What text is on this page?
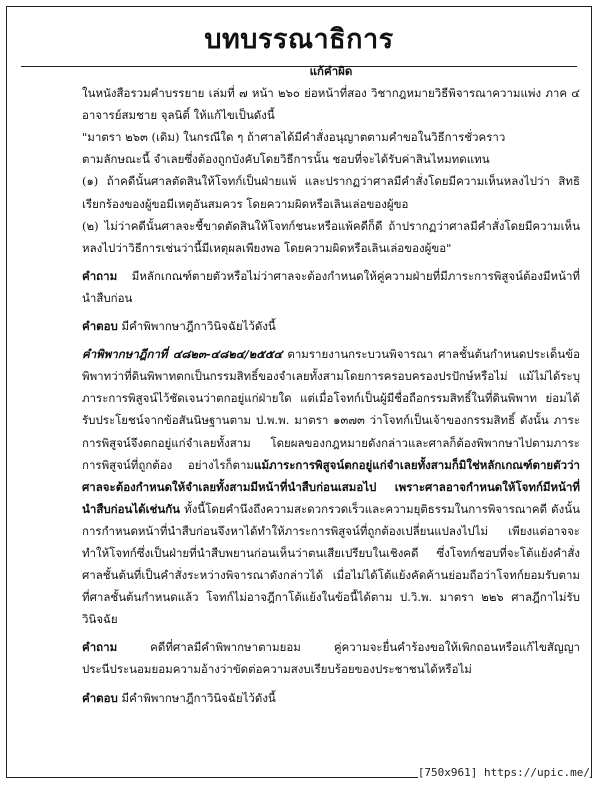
บทบรรณาธิการ

แก้คำผิด

ในหนังสือรวมคำบรรยาย เล่มที่ ๗ หน้า ๒๖๐ ย่อหน้าที่สอง วิชากฎหมายวิธีพิจารณาความแพ่ง ภาค ๔ อาจารย์สมชาย จุลนิติ์ ให้แก้ไขเป็นดังนี้

"มาตรา ๒๖๓ (เดิม) ในกรณีใด ๆ ถ้าศาลได้มีคำสั่งอนุญาตตามคำขอในวิธีการชั่วคราว

ตามลักษณะนี้ จำเลยซึ่งต้องถูกบังคับโดยวิธีการนั้น ชอบที่จะได้รับค่าสินไหมทดแทน

(๑) ถ้าคดีนั้นศาลตัดสินให้โจทก์เป็นฝ่ายแพ้ และปรากฏว่าศาลมีคำสั่งโดยมีความเห็นหลงไปว่า สิทธิเรียกร้องของผู้ขอมีเหตุอันสมควร โดยความผิดหรือเลินเล่อของผู้ขอ

(๒) ไม่ว่าคดีนั้นศาลจะชี้ขาดตัดสินให้โจทก์ชนะหรือแพ้คดีก็ดี ถ้าปรากฏว่าศาลมีคำสั่งโดยมีความเห็นหลงไปว่าวิธีการเช่นว่านี้มีเหตุผลเพียงพอ โดยความผิดหรือเลินเล่อของผู้ขอ"

คำถาม มีหลักเกณฑ์ตายตัวหรือไม่ว่าศาลจะต้องกำหนดให้คู่ความฝ่ายที่มีภาระการพิสูจน์ต้องมีหน้าที่นำสืบก่อน

คำตอบ มีคำพิพากษาฎีกาวินิจฉัยไว้ดังนี้

คำพิพากษาฎีกาที่ ๔๘๒๓-๔๘๒๔/๒๕๕๔ ตามรายงานกระบวนพิจารณา ศาลชั้นต้นกำหนดประเด็นข้อพิพาทว่าที่ดินพิพาทตกเป็นกรรมสิทธิ์ของจำเลยทั้งสามโดยการครอบครองปรปักษ์หรือไม่ แม้ไม่ได้ระบุภาระการพิสูจน์ไว้ชัดเจนว่าตกอยู่แก่ฝ่ายใด แต่เมื่อโจทก์เป็นผู้มีชื่อถือกรรมสิทธิ์ในที่ดินพิพาท ย่อมได้รับประโยชน์จากข้อสันนิษฐานตาม ป.พ.พ. มาตรา ๑๓๗๓ ว่าโจทก์เป็นเจ้าของกรรมสิทธิ์ ดังนั้น ภาระการพิสูจน์จึงตกอยู่แก่จำเลยทั้งสาม โดยผลของกฎหมายดังกล่าวและศาลก็ต้องพิพากษาไปตามภาระการพิสูจน์ที่ถูกต้อง อย่างไรก็ตามแม้ภาระการพิสูจน์ตกอยู่แก่จำเลยทั้งสามก็มิใช่หลักเกณฑ์ตายตัวว่า ศาลจะต้องกำหนดให้จำเลยทั้งสามมีหน้าที่นำสืบก่อนเสมอไป เพราะศาลอาจกำหนดให้โจทก์มีหน้าที่นำสืบก่อนได้เช่นกัน ทั้งนี้โดยคำนึงถึงความสะดวกรวดเร็วและความยุติธรรมในการพิจารณาคดี ดังนั้น การกำหนดหน้าที่นำสืบก่อนจึงหาได้ทำให้ภาระการพิสูจน์ที่ถูกต้องเปลี่ยนแปลงไปไม่ เพียงแต่อาจจะทำให้โจทก์ซึ่งเป็นฝ่ายที่นำสืบพยานก่อนเห็นว่าตนเสียเปรียบในเชิงคดี ซึ่งโจทก์ชอบที่จะโต้แย้งคำสั่งศาลชั้นต้นที่เป็นคำสั่งระหว่างพิจารณาดังกล่าวได้ เมื่อไม่ได้โต้แย้งคัดค้านย่อมถือว่าโจทก์ยอมรับตามที่ศาลชั้นต้นกำหนดแล้ว โจทก์ไม่อาจฎีกาโต้แย้งในข้อนี้ได้ตาม ป.วิ.พ. มาตรา ๒๒๖ ศาลฎีกาไม่รับวินิจฉัย

คำถาม คดีที่ศาลมีคำพิพากษาตามยอม คู่ความจะยื่นคำร้องขอให้เพิกถอนหรือแก้ไขสัญญาประนีประนอมยอมความอ้างว่าขัดต่อความสงบเรียบร้อยของประชาชนได้หรือไม่

คำตอบ มีคำพิพากษาฎีกาวินิจฉัยไว้ดังนี้

[750x961] https://upic.me/
